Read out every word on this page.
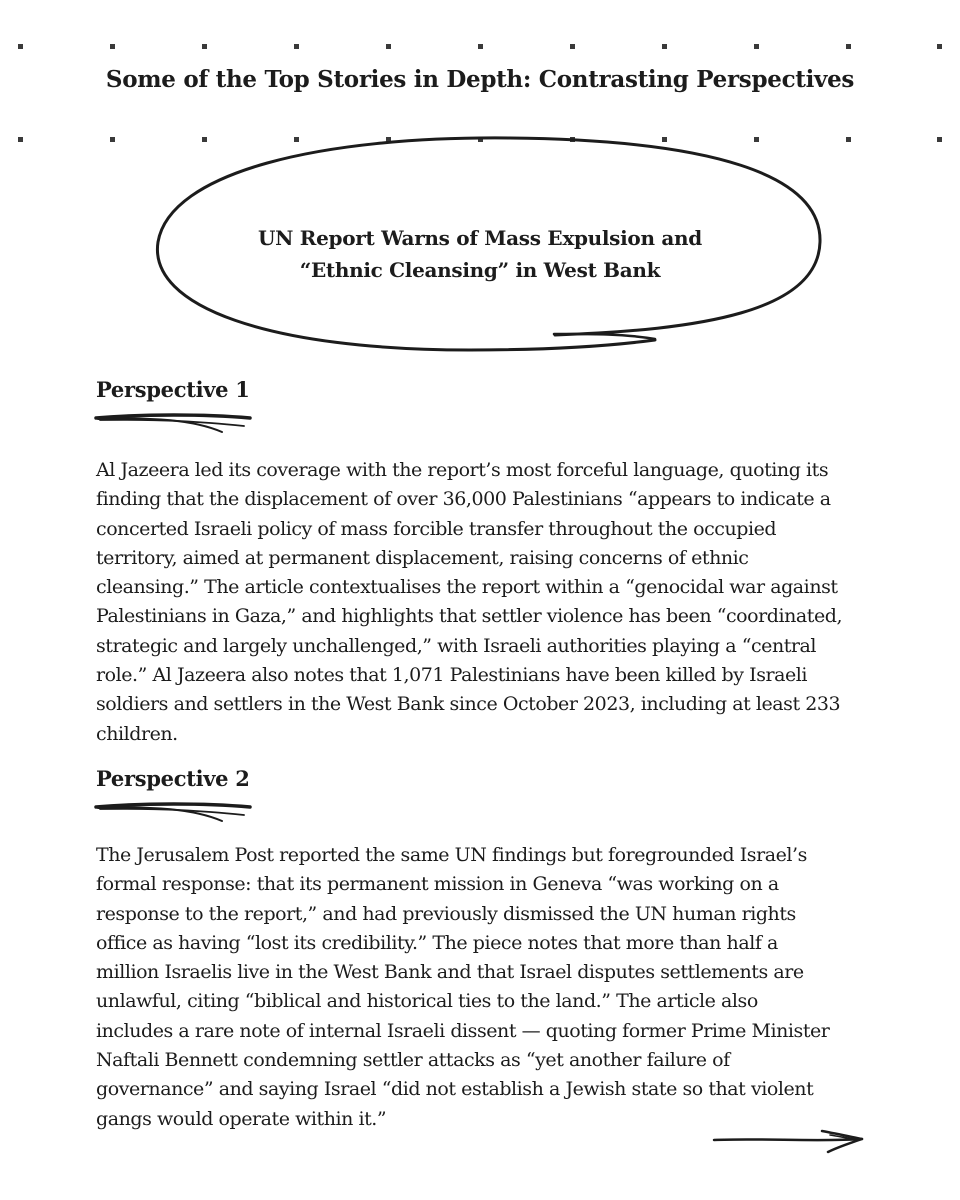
Some of the Top Stories in Depth: Contrasting Perspectives
UN Report Warns of Mass Expulsion and
“Ethnic Cleansing” in West Bank
Perspective 1
Al Jazeera led its coverage with the report’s most forceful language, quoting its
finding that the displacement of over 36,000 Palestinians “appears to indicate a
concerted Israeli policy of mass forcible transfer throughout the occupied
territory, aimed at permanent displacement, raising concerns of ethnic
cleansing.” The article contextualises the report within a “genocidal war against
Palestinians in Gaza,” and highlights that settler violence has been “coordinated,
strategic and largely unchallenged,” with Israeli authorities playing a “central
role.” Al Jazeera also notes that 1,071 Palestinians have been killed by Israeli
soldiers and settlers in the West Bank since October 2023, including at least 233
children.
Perspective 2
The Jerusalem Post reported the same UN findings but foregrounded Israel’s
formal response: that its permanent mission in Geneva “was working on a
response to the report,” and had previously dismissed the UN human rights
office as having “lost its credibility.” The piece notes that more than half a
million Israelis live in the West Bank and that Israel disputes settlements are
unlawful, citing “biblical and historical ties to the land.” The article also
includes a rare note of internal Israeli dissent — quoting former Prime Minister
Naftali Bennett condemning settler attacks as “yet another failure of
governance” and saying Israel “did not establish a Jewish state so that violent
gangs would operate within it.”
